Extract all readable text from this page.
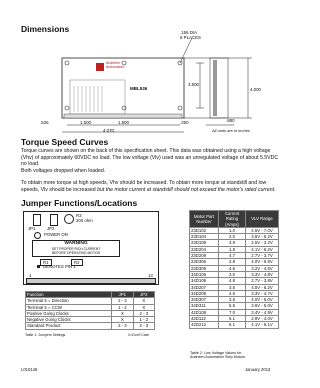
Dimensions	.156 DIA
6 PLACES
Anaheim
Automation
MBL536
3.500
4.000
.536	1.500	1.500	.250	.880
4.070	All units are in inches
Torque Speed Curves
Torque curves are shown on the back of this specification sheet. This data was obtained using a high voltage (Vhv) of approximately 60VDC no load. The low voltage (Vlv) used was an unregulated voltage of about 5.5VDC no load.
Both voltages dropped when loaded.
To obtain more torque at high speeds, Vhv should be increased. To obtain more torque at standstill and low speeds, Vlv should be increased but the motor current at standstill should not exceed the motor's rated current.
Jumper Functions/Locations
JP1	JP2
R3
200 ohm
POWER ON
WARNING
SET PROPER RICH CURRENT
BEFORE OPERATING MOTOR
R1	R2
DENOTES PIN 1
1	13
Function	JP1	JP2
Terminal 5 = Direction	2 - 3	X
Terminal 5 = CCW	1 - 2	X
Positive Going Clocks	X	2 - 3
Negative Going Clocks	X	1 - 2
Standard Product	2 - 3	2 - 3
Table 1: Jumpers Settings	X=Don't Care
Motor Part Number	Current Rating (Amps)	VLV Range
23D102	1.0	4.5V - 7.0V
23D104	2.0	3.5V - 5.2V
23D108	3.9	2.5V - 3.2V
23D204	1.8	4.1V - 6.2V
23D209	4.7	2.7V - 3.7V
23D306	2.8	4.0V - 5.9V
23D309	4.6	3.2V - 4.5V
34D106	3.0	3.3V - 4.8V
34D109	4.8	2.7V - 3.8V
34D207	3.5	4.5V - 6.2V
34D209	4.6	3.3V - 4.7V
34D307	3.5	4.0V - 6.0V
34D311	5.5	3.6V - 5.0V
42D108	7.0	3.4V - 4.9V
42D112	6.1	2.9V - 4.0V
42D212	6.1	4.1V - 6.1V
Table 2: Low Voltage Values for
Anaheim Automation Step Motors
L010146	January 2013
